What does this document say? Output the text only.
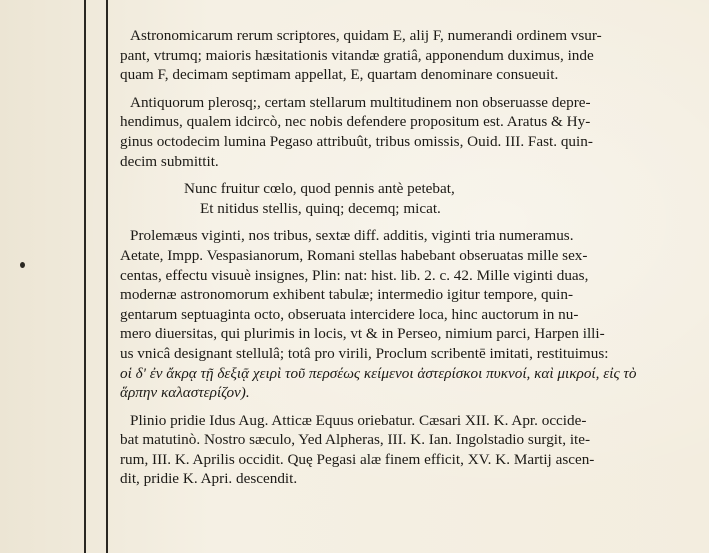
Astronomicarum rerum scriptores, quidam E, alij F, numerandi ordinem vsur-
pant, vtrumq; maioris hæsitationis vitandæ gratiâ, apponendum duximus, inde
quam F, decimam septimam appellat, E, quartam denominare consueuit.

Antiquorum plerosq;, certam stellarum multitudinem non obseruasse depre-
hendimus, qualem idcircò, nec nobis defendere propositum est. Aratus & Hy-
ginus octodecim lumina Pegaso attribuût, tribus omissis, Ouid. III. Fast. quin-
decim submittit.

Nunc fruitur cœlo, quod pennis antè petebat,
Et nitidus stellis, quinq; decemq; micat.

Prolemæus viginti, nos tribus, sextæ diff. additis, viginti tria numeramus.
Aetate, Impp. Vespasianorum, Romani stellas habebant obseruatas mille sex-
centas, effectu visuuè insignes, Plin: nat: hist. lib. 2. c. 42. Mille viginti duas,
modernæ astronomorum exhibent tabulæ; intermedio igitur tempore, quin-
gentarum septuaginta octo, obseruata intercidere loca, hinc auctorum in nu-
mero diuersitas, qui plurimis in locis, vt & in Perseo, nimium parci, Harpen illi-
us vnicâ designant stellulâ; totâ pro virili, Proclum scribentē imitati, restituimus:
οἱ δ' ἐν ἄκρᾳ τῇ δεξιᾷ χειρὶ τοῦ περσέως κείμενοι ἀστερίσκοι πυκνοί, καὶ μικροί, εἰς τὸ
ἅρπην καλαστερίζον).

Plinio pridie Idus Aug. Atticæ Equus oriebatur. Cæsari XII. K. Apr. occide-
bat matutinò. Nostro sæculo, Yed Alpheras, III. K. Ian. Ingolstadio surgit, ite-
rum, III. K. Aprilis occidit. Quę Pegasi alæ finem efficit, XV. K. Martij ascen-
dit, pridie K. Apri. descendit.
